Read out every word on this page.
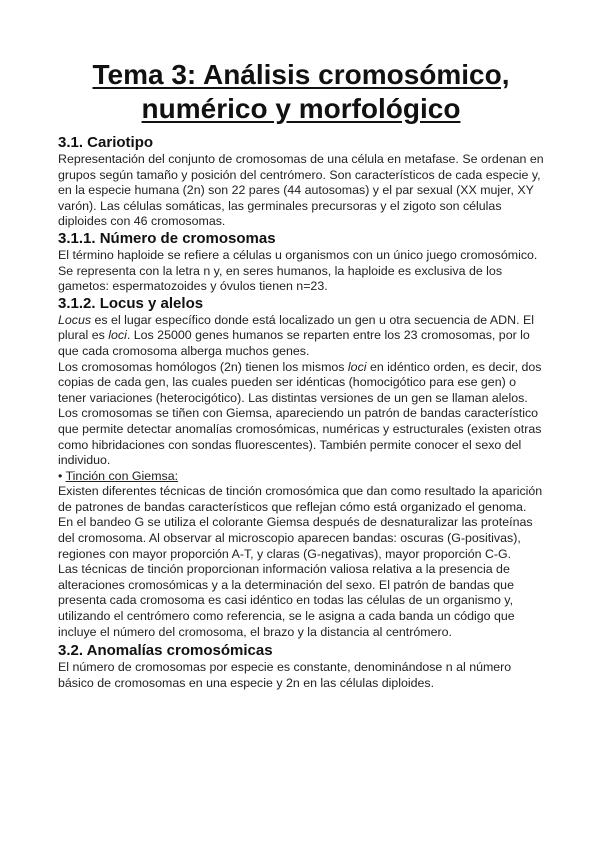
Tema 3: Análisis cromosómico,
numérico y morfológico
3.1. Cariotipo

Representación del conjunto de cromosomas de una célula en metafase. Se ordenan en grupos según tamaño y posición del centrómero. Son característicos de cada especie y, en la especie humana (2n) son 22 pares (44 autosomas) y el par sexual (XX mujer, XY varón). Las células somáticas, las germinales precursoras y el zigoto son células diploides con 46 cromosomas.

3.1.1. Número de cromosomas

El término haploide se refiere a células u organismos con un único juego cromosómico. Se representa con la letra n y, en seres humanos, la haploide es exclusiva de los gametos: espermatozoides y óvulos tienen n=23.

3.1.2. Locus y alelos

Locus es el lugar específico donde está localizado un gen u otra secuencia de ADN. El plural es loci. Los 25000 genes humanos se reparten entre los 23 cromosomas, por lo que cada cromosoma alberga muchos genes.

Los cromosomas homólogos (2n) tienen los mismos loci en idéntico orden, es decir, dos copias de cada gen, las cuales pueden ser idénticas (homocigótico para ese gen) o tener variaciones (heterocigótico). Las distintas versiones de un gen se llaman alelos.

Los cromosomas se tiñen con Giemsa, apareciendo un patrón de bandas característico que permite detectar anomalías cromosómicas, numéricas y estructurales (existen otras como hibridaciones con sondas fluorescentes). También permite conocer el sexo del individuo.

• Tinción con Giemsa:

Existen diferentes técnicas de tinción cromosómica que dan como resultado la aparición de patrones de bandas característicos que reflejan cómo está organizado el genoma. En el bandeo G se utiliza el colorante Giemsa después de desnaturalizar las proteínas del cromosoma. Al observar al microscopio aparecen bandas: oscuras (G-positivas), regiones con mayor proporción A-T, y claras (G-negativas), mayor proporción C-G.

Las técnicas de tinción proporcionan información valiosa relativa a la presencia de alteraciones cromosómicas y a la determinación del sexo. El patrón de bandas que presenta cada cromosoma es casi idéntico en todas las células de un organismo y, utilizando el centrómero como referencia, se le asigna a cada banda un código que incluye el número del cromosoma, el brazo y la distancia al centrómero.

3.2. Anomalías cromosómicas

El número de cromosomas por especie es constante, denominándose n al número básico de cromosomas en una especie y 2n en las células diploides.
